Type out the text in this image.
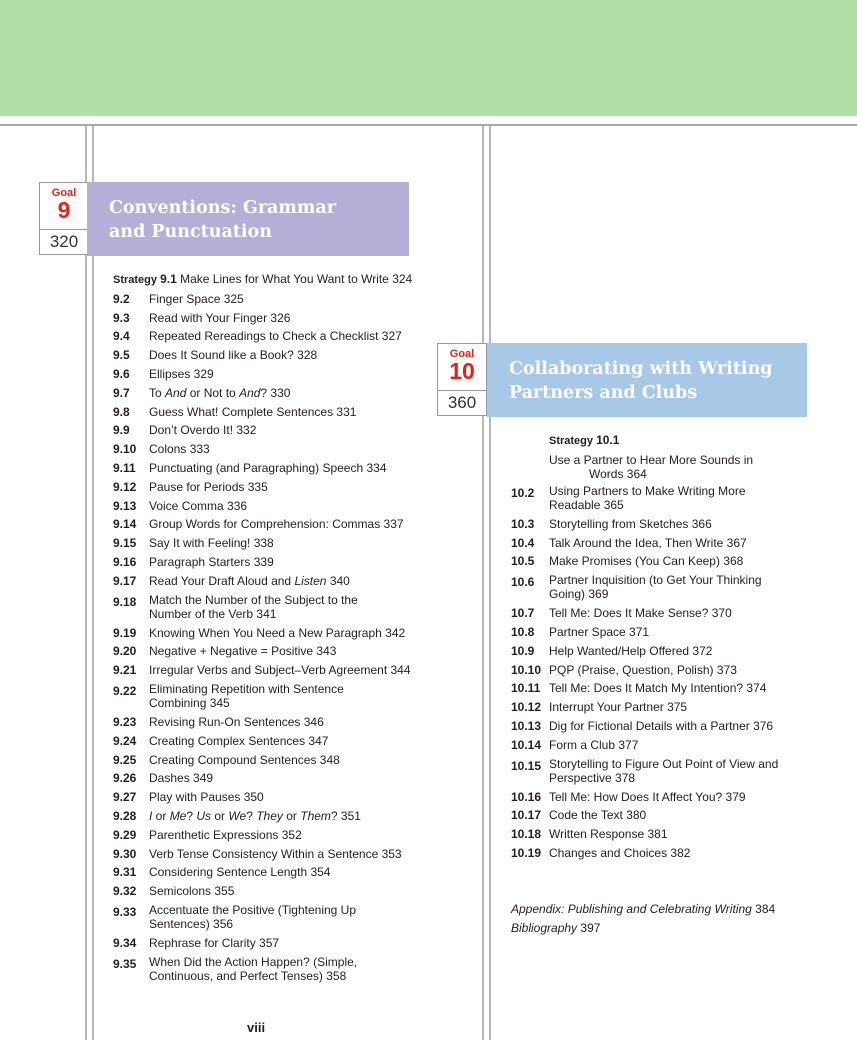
Goal
9
320
Conventions: Grammar
and Punctuation
Strategy 9.1 Make Lines for What You Want to Write 324
9.2 Finger Space 325
9.3 Read with Your Finger 326
9.4 Repeated Rereadings to Check a Checklist 327
9.5 Does It Sound like a Book? 328
9.6 Ellipses 329
9.7 To And or Not to And? 330
9.8 Guess What! Complete Sentences 331
9.9 Don’t Overdo It! 332
9.10 Colons 333
9.11 Punctuating (and Paragraphing) Speech 334
9.12 Pause for Periods 335
9.13 Voice Comma 336
9.14 Group Words for Comprehension: Commas 337
9.15 Say It with Feeling! 338
9.16 Paragraph Starters 339
9.17 Read Your Draft Aloud and Listen 340
9.18 Match the Number of the Subject to the
Number of the Verb 341
9.19 Knowing When You Need a New Paragraph 342
9.20 Negative + Negative = Positive 343
9.21 Irregular Verbs and Subject–Verb Agreement 344
9.22 Eliminating Repetition with Sentence
Combining 345
9.23 Revising Run-On Sentences 346
9.24 Creating Complex Sentences 347
9.25 Creating Compound Sentences 348
9.26 Dashes 349
9.27 Play with Pauses 350
9.28 I or Me? Us or We? They or Them? 351
9.29 Parenthetic Expressions 352
9.30 Verb Tense Consistency Within a Sentence 353
9.31 Considering Sentence Length 354
9.32 Semicolons 355
9.33 Accentuate the Positive (Tightening Up
Sentences) 356
9.34 Rephrase for Clarity 357
9.35 When Did the Action Happen? (Simple,
Continuous, and Perfect Tenses) 358
Goal
10
360
Collaborating with Writing
Partners and Clubs
Strategy 10.1
Use a Partner to Hear More Sounds in
Words 364
10.2 Using Partners to Make Writing More
Readable 365
10.3 Storytelling from Sketches 366
10.4 Talk Around the Idea, Then Write 367
10.5 Make Promises (You Can Keep) 368
10.6 Partner Inquisition (to Get Your Thinking
Going) 369
10.7 Tell Me: Does It Make Sense? 370
10.8 Partner Space 371
10.9 Help Wanted/Help Offered 372
10.10 PQP (Praise, Question, Polish) 373
10.11 Tell Me: Does It Match My Intention? 374
10.12 Interrupt Your Partner 375
10.13 Dig for Fictional Details with a Partner 376
10.14 Form a Club 377
10.15 Storytelling to Figure Out Point of View and
Perspective 378
10.16 Tell Me: How Does It Affect You? 379
10.17 Code the Text 380
10.18 Written Response 381
10.19 Changes and Choices 382
Appendix: Publishing and Celebrating Writing 384
Bibliography 397
viii
